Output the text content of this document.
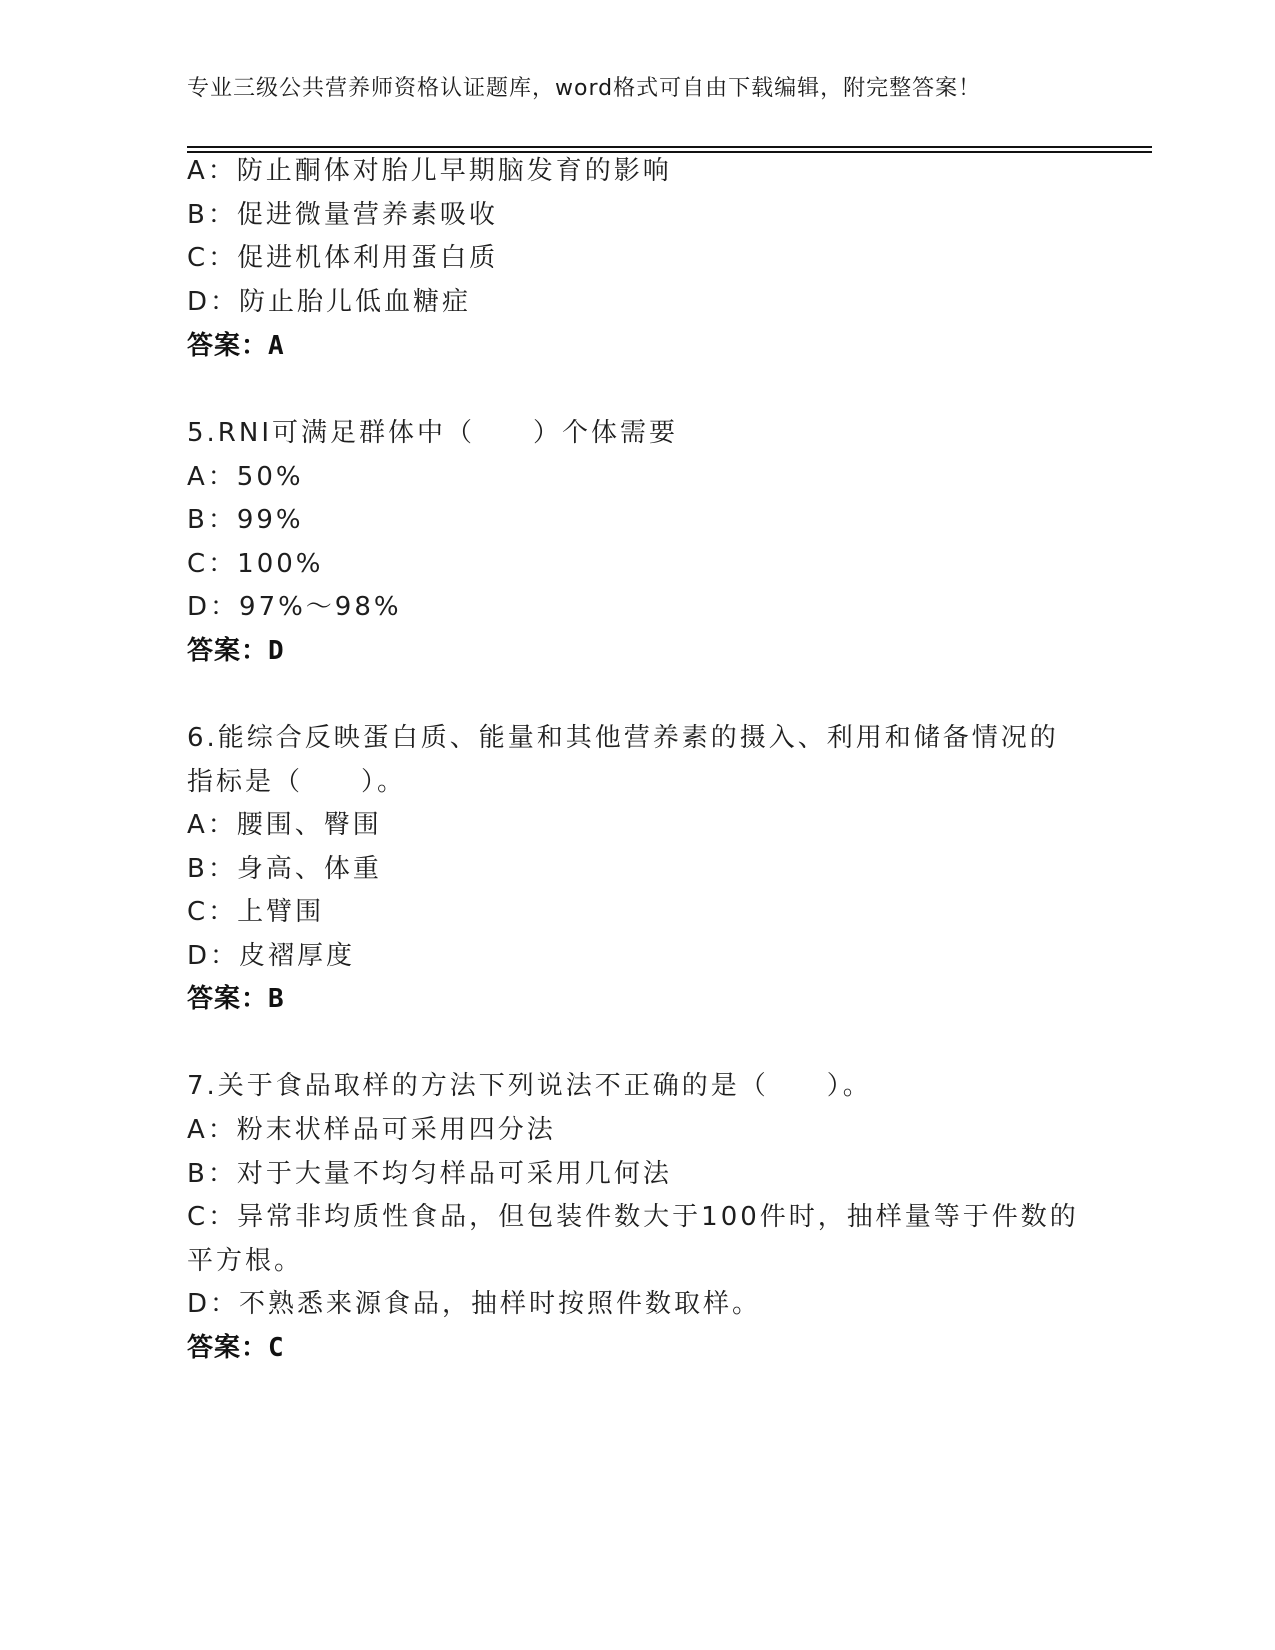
专业三级公共营养师资格认证题库，word格式可自由下载编辑，附完整答案！
A：防止酮体对胎儿早期脑发育的影响
B：促进微量营养素吸收
C：促进机体利用蛋白质
D：防止胎儿低血糖症
答案：A
5.RNI可满足群体中（　　）个体需要
A：50%
B：99%
C：100%
D：97%～98%
答案：D
6.能综合反映蛋白质、能量和其他营养素的摄入、利用和储备情况的
指标是（　　）。
A：腰围、臀围
B：身高、体重
C：上臂围
D：皮褶厚度
答案：B
7.关于食品取样的方法下列说法不正确的是（　　）。
A：粉末状样品可采用四分法
B：对于大量不均匀样品可采用几何法
C：异常非均质性食品，但包装件数大于100件时，抽样量等于件数的
平方根。
D：不熟悉来源食品，抽样时按照件数取样。
答案：C
